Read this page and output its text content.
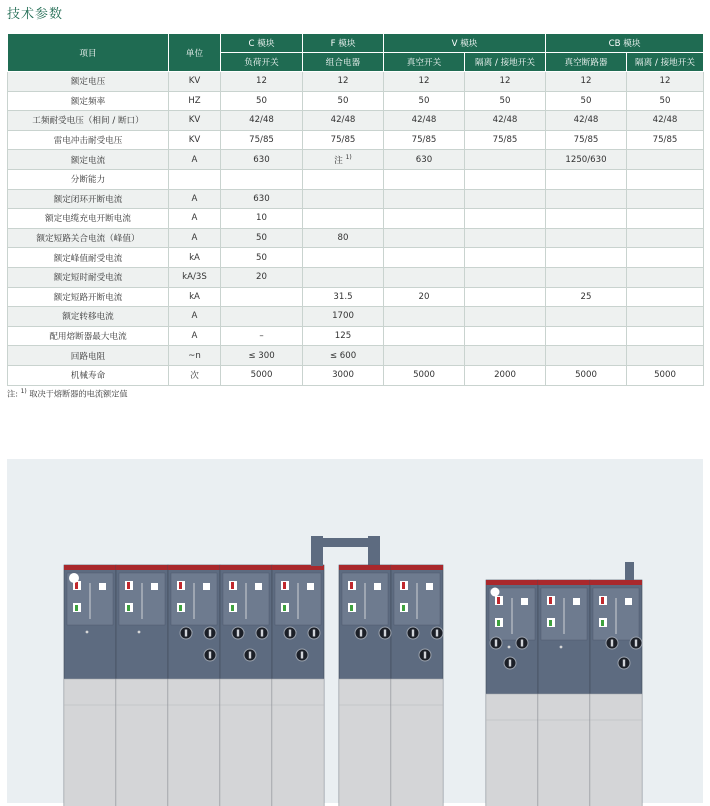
技术参数
项目	单位	C 模块	F 模块	V 模块		CB 模块	
		负荷开关	组合电器	真空开关	隔离 / 接地开关	真空断路器	隔离 / 接地开关
额定电压	KV	12	12	12	12	12	12
额定频率	HZ	50	50	50	50	50	50
工频耐受电压（相间 / 断口）	KV	42/48	42/48	42/48	42/48	42/48	42/48
雷电冲击耐受电压	KV	75/85	75/85	75/85	75/85	75/85	75/85
额定电流	A	630	注 $^{1)}$	630		1250/630	
分断能力							
额定闭环开断电流	A	630					
额定电缆充电开断电流	A	10					
额定短路关合电流（峰值）	A	50	80				
额定峰值耐受电流	kA	50					
额定短时耐受电流	kA/3S	20					
额定短路开断电流	kA		31.5	20		25	
额定转移电流	A		1700				
配用熔断器最大电流	A	–	125				
回路电阻	~n	≤ 300	≤ 600				
机械寿命	次	5000	3000	5000	2000	5000	5000
注: $^{1)}$ 取决于熔断器的电流额定值
